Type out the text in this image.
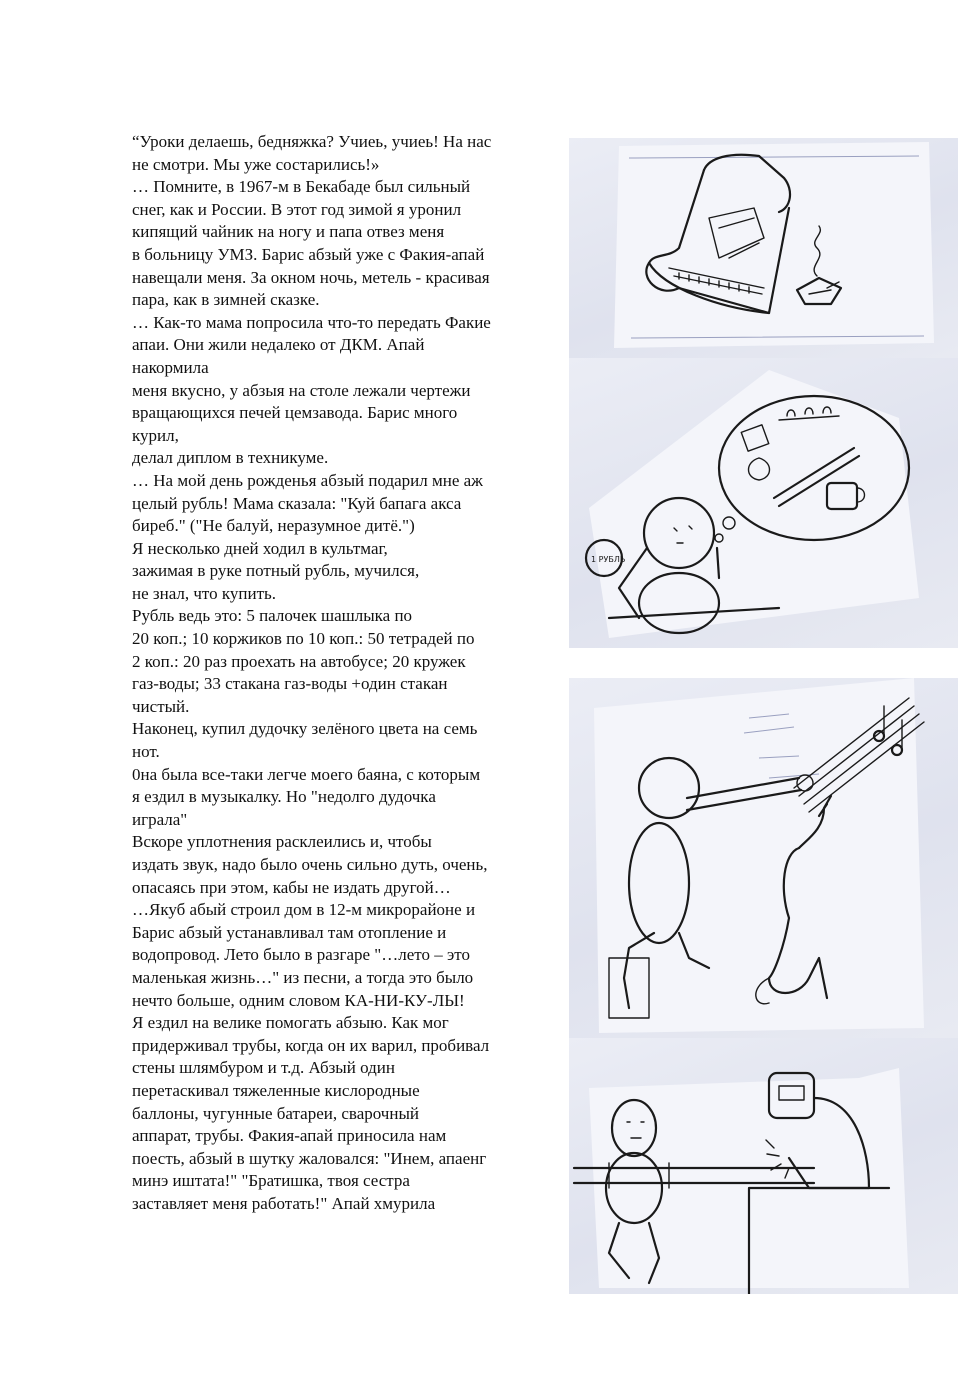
“Уроки делаешь, бедняжка? Учиеь, учиеь! На нас
не смотри. Мы уже состарились!»
… Помните, в 1967-м в Бекабаде был сильный
снег, как и России. В этот год зимой я уронил
кипящий чайник на ногу и папа отвез меня
в больницу УМЗ. Барис абзый уже с Факия-апай
навещали меня. За окном ночь, метель - красивая
пара, как в зимней сказке.
… Как-то мама попросила что-то передать Факие
апаи. Они жили недалеко от ДКМ. Апай
накормила
меня вкусно, у абзыя на столе лежали чертежи
вращающихся печей цемзавода. Барис много
курил,
делал диплом в техникуме.
… На мой день рожденья абзый подарил мне аж
целый рубль! Мама сказала: "Куй бапага акса
биреб." ("Не балуй, неразумное дитё.")
Я несколько дней ходил в культмаг,
зажимая в руке потный рубль, мучился,
не знал, что купить.
Рубль ведь это: 5 палочек шашлыка по
20 коп.; 10 коржиков по 10 коп.: 50 тетрадей по
2 коп.: 20 раз проехать на автобусе; 20 кружек
газ-воды; 33 стакана газ-воды +один стакан
чистый.
Наконец, купил дудочку зелёного цвета на семь
нот.
0на была все-таки легче моего баяна, с которым
я ездил в музыкалку. Но "недолго дудочка
играла"
Вскоре уплотнения расклеились и, чтобы
издать звук, надо было очень сильно дуть, очень,
опасаясь при этом, кабы не издать другой…
…Якуб абый строил дом в 12-м микрорайоне и
Барис абзый устанавливал там отопление и
водопровод. Лето было в разгаре "…лето – это
маленькая жизнь…" из песни, а тогда это было
нечто больше, одним словом КА-НИ-КУ-ЛЫ!
Я ездил на велике помогать абзыю. Как мог
придерживал трубы, когда он их варил, пробивал
стены шлямбуром и т.д. Абзый один
перетаскивал тяжеленные кислородные
баллоны, чугунные батареи, сварочный
аппарат, трубы. Факия-апай приносила нам
поесть, абзый в шутку жаловался: "Инем, апаенг
минэ иштата!" "Братишка, твоя сестра
заставляет меня работать!" Апай хмурила
1 РУБЛЬ
